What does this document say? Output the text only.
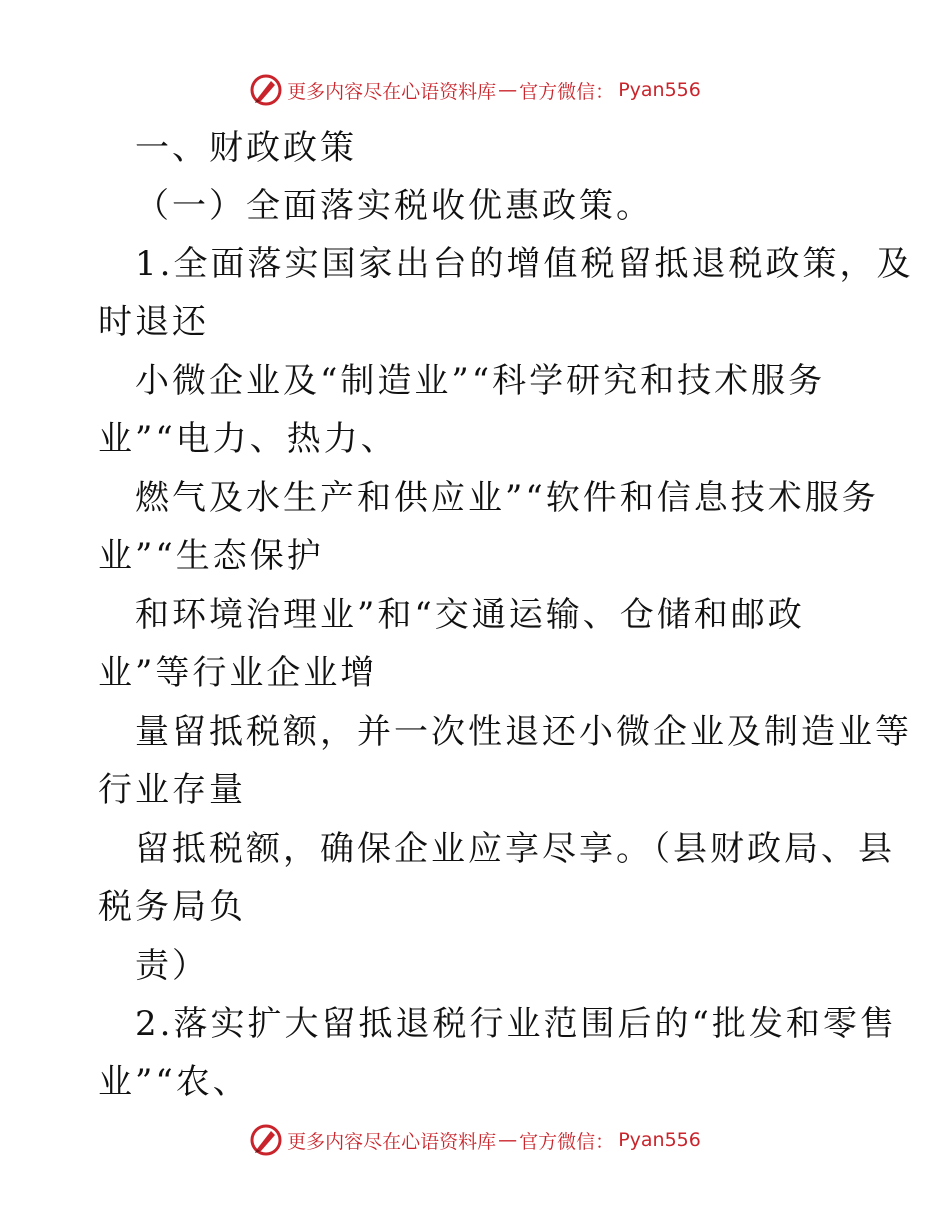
更多内容尽在心语资料库 — 官方微信： Pyan556
一、财政政策
（一）全面落实税收优惠政策。
1.全面落实国家出台的增值税留抵退税政策，及
时退还
小微企业及“制造业”“科学研究和技术服务
业”“电力、热力、
燃气及水生产和供应业”“软件和信息技术服务
业”“生态保护
和环境治理业”和“交通运输、仓储和邮政
业”等行业企业增
量留抵税额，并一次性退还小微企业及制造业等
行业存量
留抵税额，确保企业应享尽享。（县财政局、县
税务局负
责）
2.落实扩大留抵退税行业范围后的“批发和零售
业”“农、
更多内容尽在心语资料库 — 官方微信： Pyan556
